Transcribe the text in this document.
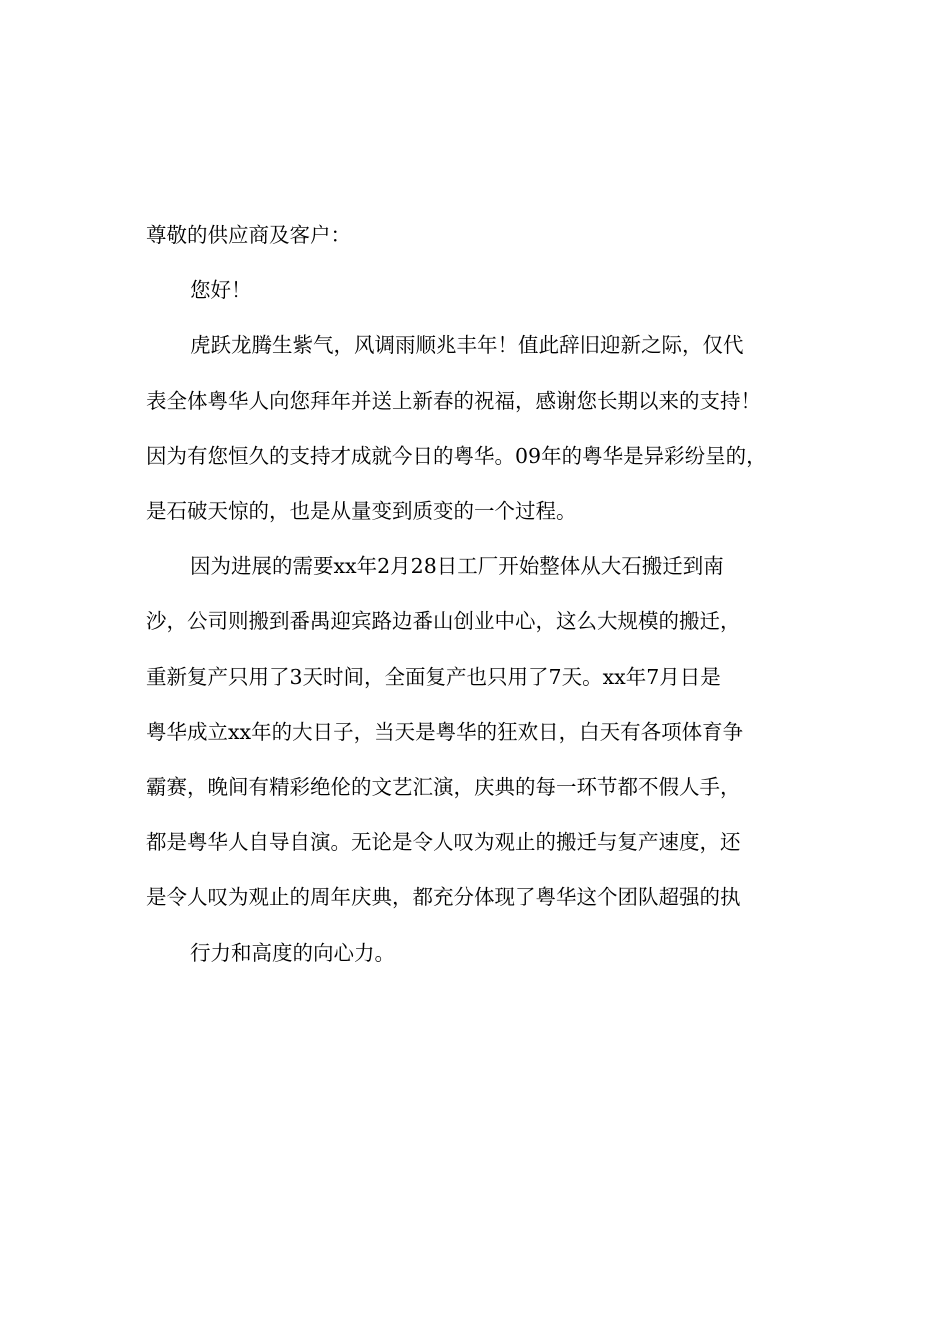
尊敬的供应商及客户：

您好！

虎跃龙腾生紫气，风调雨顺兆丰年！值此辞旧迎新之际，仅代

表全体粤华人向您拜年并送上新春的祝福，感谢您长期以来的支持！

因为有您恒久的支持才成就今日的粤华。09年的粤华是异彩纷呈的，

是石破天惊的，也是从量变到质变的一个过程。

因为进展的需要xx年2月28日工厂开始整体从大石搬迁到南

沙，公司则搬到番禺迎宾路边番山创业中心，这么大规模的搬迁，

重新复产只用了3天时间，全面复产也只用了7天。xx年7月日是

粤华成立xx年的大日子，当天是粤华的狂欢日，白天有各项体育争

霸赛，晚间有精彩绝伦的文艺汇演，庆典的每一环节都不假人手，

都是粤华人自导自演。无论是令人叹为观止的搬迁与复产速度，还

是令人叹为观止的周年庆典，都充分体现了粤华这个团队超强的执

行力和高度的向心力。
